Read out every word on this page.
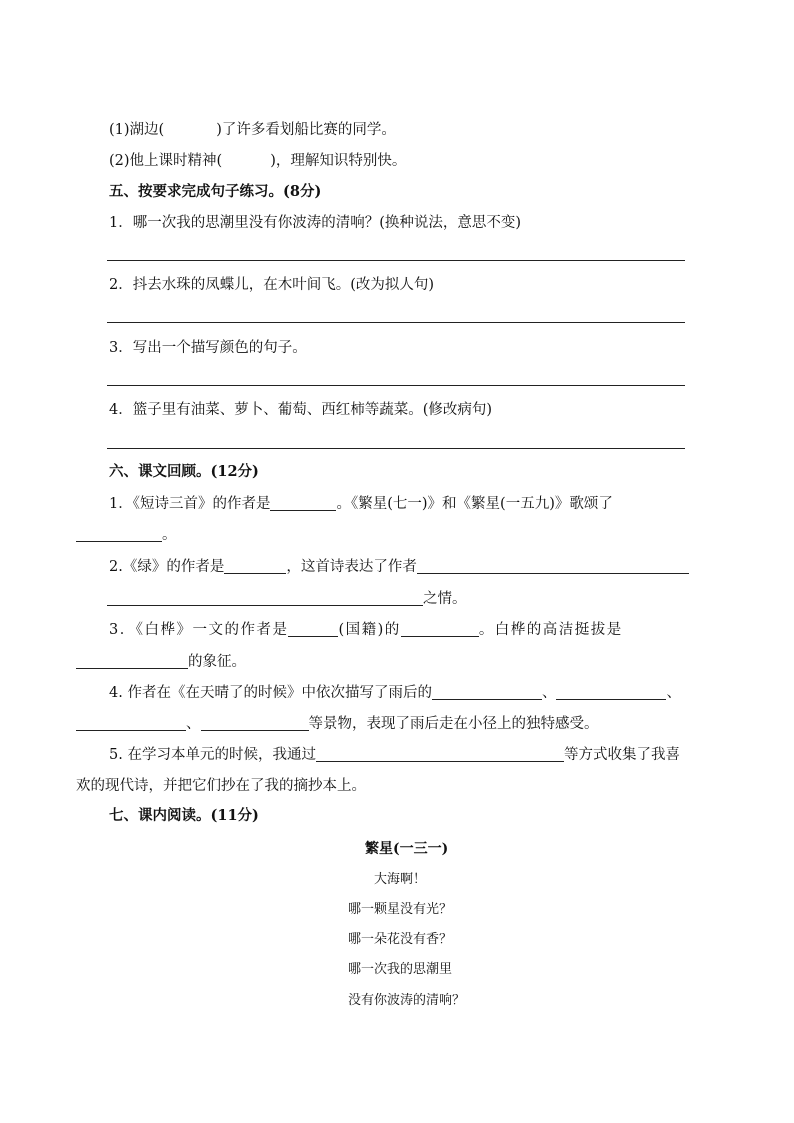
(1)湖边(	)了许多看划船比赛的同学。
(2)他上课时精神(	)，理解知识特别快。
五、按要求完成句子练习。(8分)
1．哪一次我的思潮里没有你波涛的清响？(换种说法，意思不变)
2．抖去水珠的凤蝶儿，在木叶间飞。(改为拟人句)
3．写出一个描写颜色的句子。
4．篮子里有油菜、萝卜、葡萄、西红柿等蔬菜。(修改病句)
六、课文回顾。(12分)
1．《短诗三首》的作者是	。《繁星(七一)》和《繁星(一五九)》歌颂了
。
2.《绿》的作者是	，这首诗表达了作者
之情。
3．《白桦》一文的作者是	(国籍)的	。白桦的高洁挺拔是
的象征。
4. 作者在《在天晴了的时候》中依次描写了雨后的	、	、
、	等景物，表现了雨后走在小径上的独特感受。
5. 在学习本单元的时候，我通过	等方式收集了我喜
欢的现代诗，并把它们抄在了我的摘抄本上。
七、课内阅读。(11分)
繁星(一三一)
大海啊！
哪一颗星没有光？
哪一朵花没有香？
哪一次我的思潮里
没有你波涛的清响？
